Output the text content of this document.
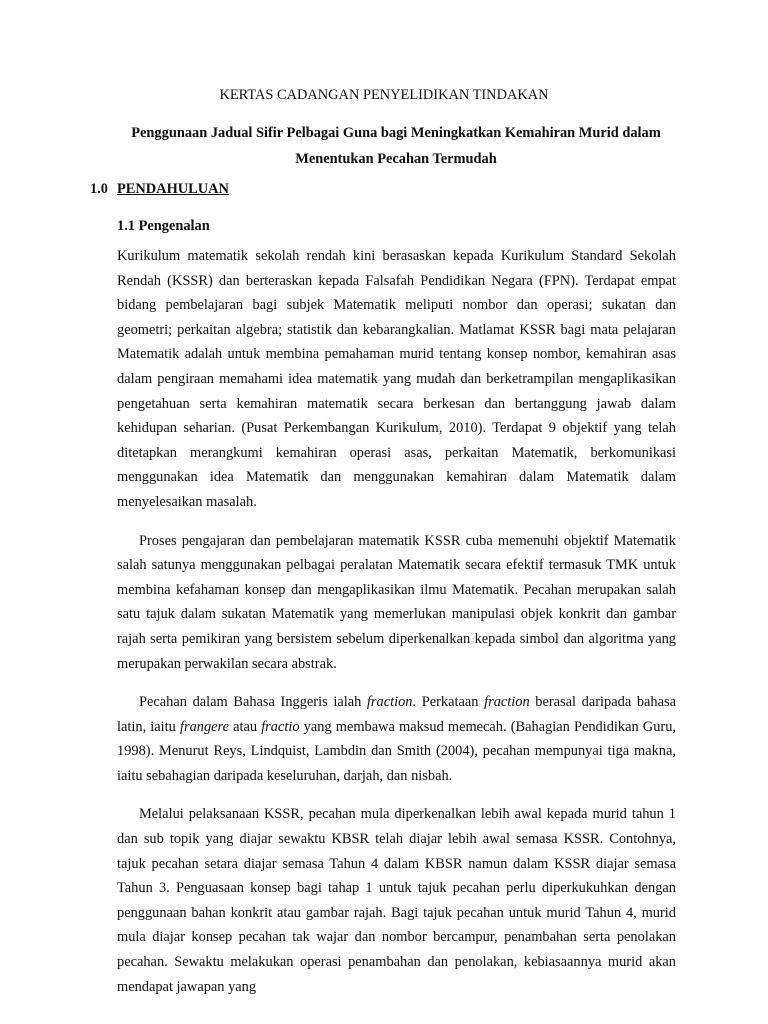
KERTAS CADANGAN PENYELIDIKAN TINDAKAN
Penggunaan Jadual Sifir Pelbagai Guna bagi Meningkatkan Kemahiran Murid dalam Menentukan Pecahan Termudah
1.0 PENDAHULUAN
1.1 Pengenalan

Kurikulum matematik sekolah rendah kini berasaskan kepada Kurikulum Standard Sekolah Rendah (KSSR) dan berteraskan kepada Falsafah Pendidikan Negara (FPN). Terdapat empat bidang pembelajaran bagi subjek Matematik meliputi nombor dan operasi; sukatan dan geometri; perkaitan algebra; statistik dan kebarangkalian. Matlamat KSSR bagi mata pelajaran Matematik adalah untuk membina pemahaman murid tentang konsep nombor, kemahiran asas dalam pengiraan memahami idea matematik yang mudah dan berketrampilan mengaplikasikan pengetahuan serta kemahiran matematik secara berkesan dan bertanggung jawab dalam kehidupan seharian. (Pusat Perkembangan Kurikulum, 2010). Terdapat 9 objektif yang telah ditetapkan merangkumi kemahiran operasi asas, perkaitan Matematik, berkomunikasi menggunakan idea Matematik dan menggunakan kemahiran dalam Matematik dalam menyelesaikan masalah.

Proses pengajaran dan pembelajaran matematik KSSR cuba memenuhi objektif Matematik salah satunya menggunakan pelbagai peralatan Matematik secara efektif termasuk TMK untuk membina kefahaman konsep dan mengaplikasikan ilmu Matematik. Pecahan merupakan salah satu tajuk dalam sukatan Matematik yang memerlukan manipulasi objek konkrit dan gambar rajah serta pemikiran yang bersistem sebelum diperkenalkan kepada simbol dan algoritma yang merupakan perwakilan secara abstrak.

Pecahan dalam Bahasa Inggeris ialah fraction. Perkataan fraction berasal daripada bahasa latin, iaitu frangere atau fractio yang membawa maksud memecah. (Bahagian Pendidikan Guru, 1998). Menurut Reys, Lindquist, Lambdin dan Smith (2004), pecahan mempunyai tiga makna, iaitu sebahagian daripada keseluruhan, darjah, dan nisbah.

Melalui pelaksanaan KSSR, pecahan mula diperkenalkan lebih awal kepada murid tahun 1 dan sub topik yang diajar sewaktu KBSR telah diajar lebih awal semasa KSSR. Contohnya, tajuk pecahan setara diajar semasa Tahun 4 dalam KBSR namun dalam KSSR diajar semasa Tahun 3. Penguasaan konsep bagi tahap 1 untuk tajuk pecahan perlu diperkukuhkan dengan penggunaan bahan konkrit atau gambar rajah. Bagi tajuk pecahan untuk murid Tahun 4, murid mula diajar konsep pecahan tak wajar dan nombor bercampur, penambahan serta penolakan pecahan. Sewaktu melakukan operasi penambahan dan penolakan, kebiasaannya murid akan mendapat jawapan yang
